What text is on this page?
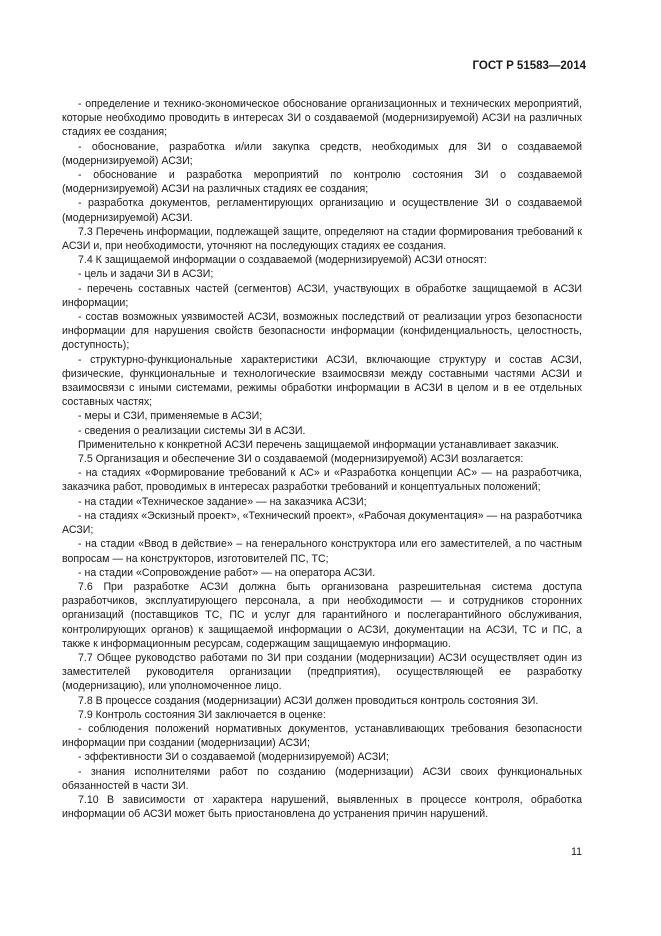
ГОСТ Р 51583—2014

- определение и технико-экономическое обоснование организационных и технических мероприятий, которые необходимо проводить в интересах ЗИ о создаваемой (модернизируемой) АСЗИ на различных стадиях ее создания;

- обоснование, разработка и/или закупка средств, необходимых для ЗИ о создаваемой (модернизируемой) АСЗИ;

- обоснование и разработка мероприятий по контролю состояния ЗИ о создаваемой (модернизируемой) АСЗИ на различных стадиях ее создания;

- разработка документов, регламентирующих организацию и осуществление ЗИ о создаваемой (модернизируемой) АСЗИ.

7.3 Перечень информации, подлежащей защите, определяют на стадии формирования требований к АСЗИ и, при необходимости, уточняют на последующих стадиях ее создания.

7.4 К защищаемой информации о создаваемой (модернизируемой) АСЗИ относят:

- цель и задачи ЗИ в АСЗИ;

- перечень составных частей (сегментов) АСЗИ, участвующих в обработке защищаемой в АСЗИ информации;

- состав возможных уязвимостей АСЗИ, возможных последствий от реализации угроз безопасности информации для нарушения свойств безопасности информации (конфиденциальность, целостность, доступность);

- структурно-функциональные характеристики АСЗИ, включающие структуру и состав АСЗИ, физические, функциональные и технологические взаимосвязи между составными частями АСЗИ и взаимосвязи с иными системами, режимы обработки информации в АСЗИ в целом и в ее отдельных составных частях;

- меры и СЗИ, применяемые в АСЗИ;

- сведения о реализации системы ЗИ в АСЗИ.

Применительно к конкретной АСЗИ перечень защищаемой информации устанавливает заказчик.

7.5 Организация и обеспечение ЗИ о создаваемой (модернизируемой) АСЗИ возлагается:

- на стадиях «Формирование требований к АС» и «Разработка концепции АС» — на разработчика, заказчика работ, проводимых в интересах разработки требований и концептуальных положений;

- на стадии «Техническое задание» — на заказчика АСЗИ;

- на стадиях «Эскизный проект», «Технический проект», «Рабочая документация» — на разработчика АСЗИ;

- на стадии «Ввод в действие» – на генерального конструктора или его заместителей, а по частным вопросам — на конструкторов, изготовителей ПС, ТС;

- на стадии «Сопровождение работ» — на оператора АСЗИ.

7.6 При разработке АСЗИ должна быть организована разрешительная система доступа разработчиков, эксплуатирующего персонала, а при необходимости — и сотрудников сторонних организаций (поставщиков ТС, ПС и услуг для гарантийного и послегарантийного обслуживания, контролирующих органов) к защищаемой информации о АСЗИ, документации на АСЗИ, ТС и ПС, а также к информационным ресурсам, содержащим защищаемую информацию.

7.7 Общее руководство работами по ЗИ при создании (модернизации) АСЗИ осуществляет один из заместителей руководителя организации (предприятия), осуществляющей ее разработку (модернизацию), или уполномоченное лицо.

7.8 В процессе создания (модернизации) АСЗИ должен проводиться контроль состояния ЗИ.

7.9 Контроль состояния ЗИ заключается в оценке:

- соблюдения положений нормативных документов, устанавливающих требования безопасности информации при создании (модернизации) АСЗИ;

- эффективности ЗИ о создаваемой (модернизируемой) АСЗИ;

- знания исполнителями работ по созданию (модернизации) АСЗИ своих функциональных обязанностей в части ЗИ.

7.10 В зависимости от характера нарушений, выявленных в процессе контроля, обработка информации об АСЗИ может быть приостановлена до устранения причин нарушений.

11
